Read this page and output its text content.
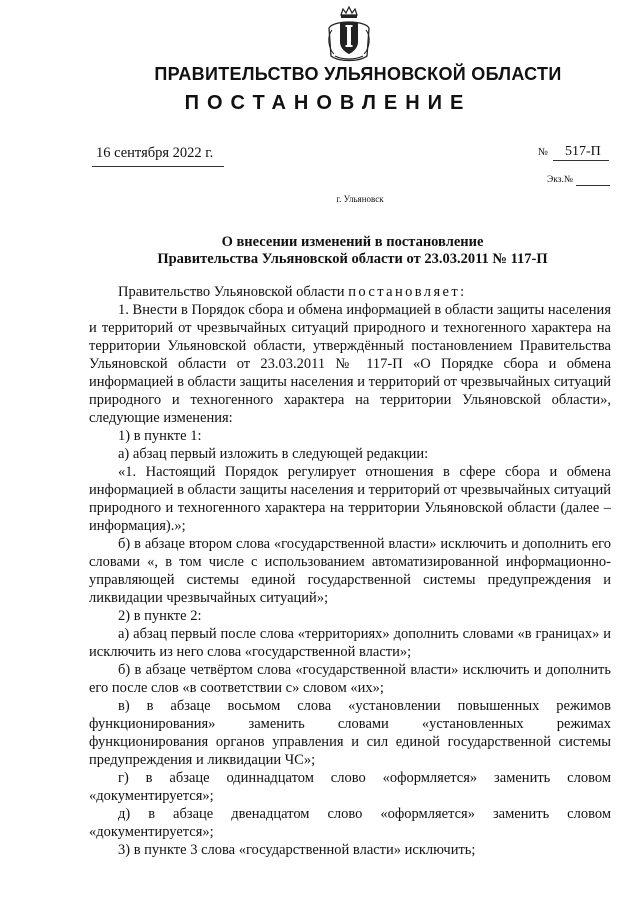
ПРАВИТЕЛЬСТВО УЛЬЯНОВСКОЙ ОБЛАСТИ
ПОСТАНОВЛЕНИЕ
16 сентября 2022 г.	№ 517-П
Экз.№
г. Ульяновск
О внесении изменений в постановление
Правительства Ульяновской области от 23.03.2011 № 117-П

Правительство Ульяновской области постановляет:

1. Внести в Порядок сбора и обмена информацией в области защиты населения и территорий от чрезвычайных ситуаций природного и техногенного характера на территории Ульяновской области, утверждённый постановлением Правительства Ульяновской области от 23.03.2011 № 117-П «О Порядке сбора и обмена информацией в области защиты населения и территорий от чрезвычайных ситуаций природного и техногенного характера на территории Ульяновской области», следующие изменения:

1) в пункте 1:

а) абзац первый изложить в следующей редакции:

«1. Настоящий Порядок регулирует отношения в сфере сбора и обмена информацией в области защиты населения и территорий от чрезвычайных ситуаций природного и техногенного характера на территории Ульяновской области (далее – информация).»;

б) в абзаце втором слова «государственной власти» исключить и дополнить его словами «, в том числе с использованием автоматизированной информационно-управляющей системы единой государственной системы предупреждения и ликвидации чрезвычайных ситуаций»;

2) в пункте 2:

а) абзац первый после слова «территориях» дополнить словами «в границах» и исключить из него слова «государственной власти»;

б) в абзаце четвёртом слова «государственной власти» исключить и дополнить его после слов «в соответствии с» словом «их»;

в) в абзаце восьмом слова «установлении повышенных режимов функционирования» заменить словами «установленных режимах функционирования органов управления и сил единой государственной системы предупреждения и ликвидации ЧС»;

г) в абзаце одиннадцатом слово «оформляется» заменить словом «документируется»;

д) в абзаце двенадцатом слово «оформляется» заменить словом «документируется»;

3) в пункте 3 слова «государственной власти» исключить;
